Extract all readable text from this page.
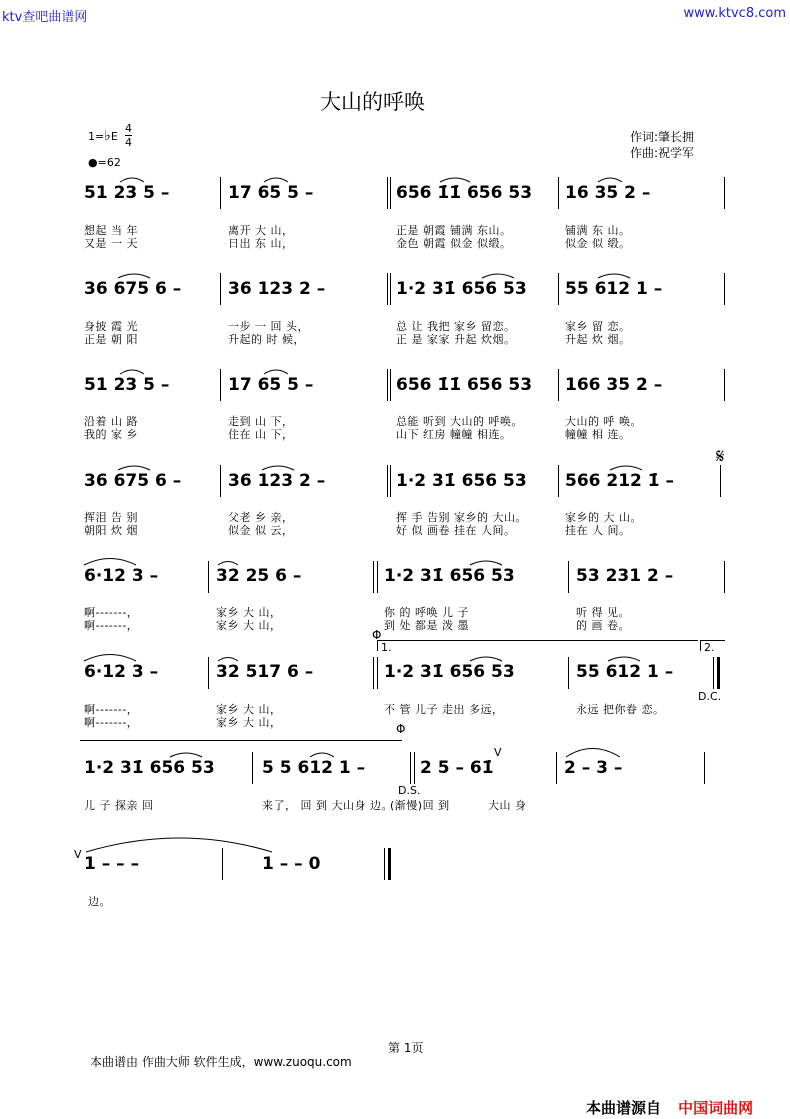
ktv查吧曲谱网	www.ktvc8.com
大山的呼唤
1=♭E
4
4
●=62
作词:肇长拥
作曲:祝学军
51 23 5 –	17 65 5 –	656 1̇1̇ 656 53 16 35 2 –
想起 当 年	离开 大 山，	正是 朝霞 铺满 东山。	铺满 东 山。
又是 一 天	日出 东 山，	金色 朝霞 似金 似缎。	似金 似 缎。
36 675 6 –	36 123 2 –	1·2 31̇ 656 53 55 612 1 –
身披 霞 光	一步 一 回 头，	总 让 我把 家乡 留恋。	家乡 留 恋。
正是 朝 阳	升起的 时 候，	正 是 家家 升起 炊烟。	升起 炊 烟。
51 23 5 –	17 65 5 –	656 1̇1̇ 656 53 166 35 2 –
沿着 山 路	走到 山 下，	总能 听到 大山的 呼唤。	大山的 呼 唤。
我的 家 乡	住在 山 下，	山下 红房 幢幢 相连。	幢幢 相 连。
36 675 6 –	36 123 2 –	1·2 31̇ 656 53 566 212 1̇ –
挥泪 告 别	父老 乡 亲，	挥 手 告别 家乡的 大山。	家乡的 大 山。
朝阳 炊 烟	似金 似 云，	好 似 画卷 挂在 人间。	挂在 人 间。
𝄋
6·12 3 –	32 25 6 –	1·2 31̇ 656 53	53 231 2 –
啊-------，	家乡 大 山，	你 的 呼唤 儿 子	听 得 见。
啊-------，	家乡 大 山，	到 处 都是 泼 墨	的 画 卷。
Φ
1.	2.
6·12 3 –	32 517 6 –	1·2 31̇ 656 53	55 612 1 –
啊-------，	家乡 大 山，	不 管 儿子 走出 多远，	永远 把你眷 恋。
啊-------，	家乡 大 山，
D.C.
Φ
V
1·2 31̇ 656 53	5 5 612 1 –	2 5 – 61̇	2 – 3 –
儿 子 探亲 回	来了， 回 到 大山身 边。
(渐慢)回 到	大山 身
D.S.
V 1 – – –	1 – – 0
边。
第 1页
本曲谱由 作曲大师 软件生成，www.zuoqu.com
本曲谱源自 中国词曲网
